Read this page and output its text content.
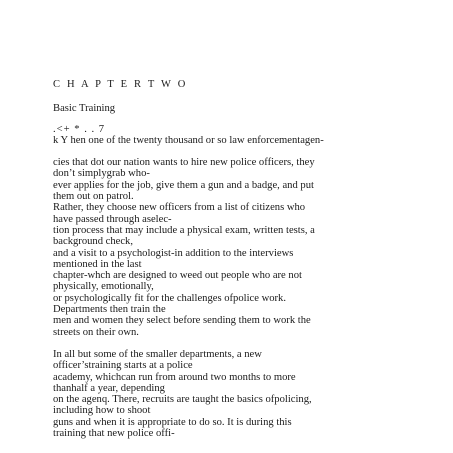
C H A P T E R T W O
Basic Training
.<+ * . . 7
k Y hen one of the twenty thousand or so law enforcementagen-
cies that dot our nation wants to hire new police officers, they
don’t simplygrab who-
ever applies for the job, give them a gun and a badge, and put
them out on patrol.
Rather, they choose new officers from a list of citizens who
have passed through aselec-
tion process that may include a physical exam, written tests, a
background check,
and a visit to a psychologist-in addition to the interviews
mentioned in the last
chapter-whch are designed to weed out people who are not
physically, emotionally,
or psychologically fit for the challenges ofpolice work.
Departments then train the
men and women they select before sending them to work the
streets on their own.
In all but some of the smaller departments, a new
officer’straining starts at a police
academy, whichcan run from around two months to more
thanhalf a year, depending
on the agenq. There, recruits are taught the basics ofpolicing,
including how to shoot
guns and when it is appropriate to do so. It is during this
training that new police offi-
